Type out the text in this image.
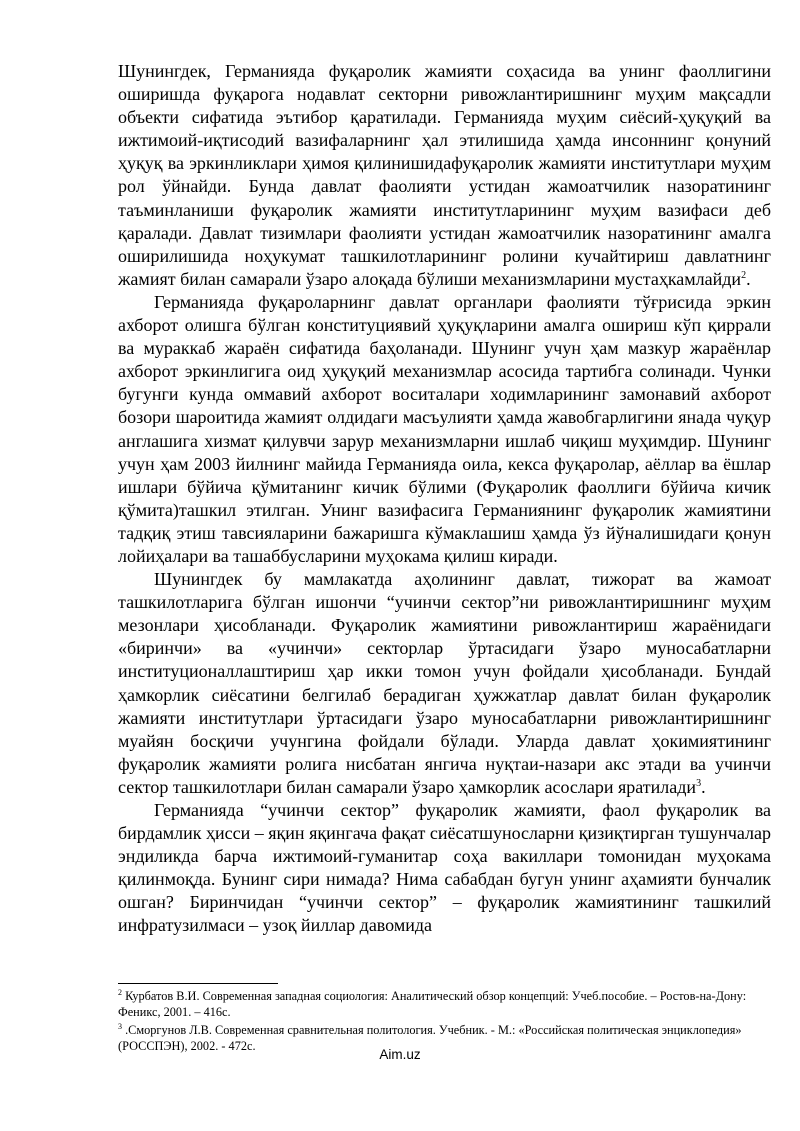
Шунингдек, Германияда фуқаролик жамияти соҳасида ва унинг фаоллигини оширишда фуқарога нодавлат секторни ривожлантиришнинг муҳим мақсадли объекти сифатида эътибор қаратилади. Германияда муҳим сиёсий-ҳуқуқий ва ижтимоий-иқтисодий вазифаларнинг ҳал этилишида ҳамда инсоннинг қонуний ҳуқуқ ва эркинликлари ҳимоя қилинишидафуқаролик жамияти институтлари муҳим рол ўйнайди. Бунда давлат фаолияти устидан жамоатчилик назоратининг таъминланиши фуқаролик жамияти институтларининг муҳим вазифаси деб қаралади. Давлат тизимлари фаолияти устидан жамоатчилик назоратининг амалга оширилишида ноҳукумат ташкилотларининг ролини кучайтириш давлатнинг жамият билан самарали ўзаро алоқада бўлиши механизмларини мустаҳкамлайди$^2$.

Германияда фуқароларнинг давлат органлари фаолияти тўғрисида эркин ахборот олишга бўлган конституциявий ҳуқуқларини амалга ошириш кўп қиррали ва мураккаб жараён сифатида баҳоланади. Шунинг учун ҳам мазкур жараёнлар ахборот эркинлигига оид ҳуқуқий механизмлар асосида тартибга солинади. Чунки бугунги кунда оммавий ахборот воситалари ходимларининг замонавий ахборот бозори шароитида жамият олдидаги масъулияти ҳамда жавобгарлигини янада чуқур англашига хизмат қилувчи зарур механизмларни ишлаб чиқиш муҳимдир. Шунинг учун ҳам 2003 йилнинг майида Германияда оила, кекса фуқаролар, аёллар ва ёшлар ишлари бўйича қўмитанинг кичик бўлими (Фуқаролик фаоллиги бўйича кичик қўмита)ташкил этилган. Унинг вазифасига Германиянинг фуқаролик жамиятини тадқиқ этиш тавсияларини бажаришга кўмаклашиш ҳамда ўз йўналишидаги қонун лойиҳалари ва ташаббусларини муҳокама қилиш киради.

Шунингдек бу мамлакатда аҳолининг давлат, тижорат ва жамоат ташкилотларига бўлган ишончи “учинчи сектор”ни ривожлантиришнинг муҳим мезонлари ҳисобланади. Фуқаролик жамиятини ривожлантириш жараёнидаги «биринчи» ва «учинчи» секторлар ўртасидаги ўзаро муносабатларни институционаллаштириш ҳар икки томон учун фойдали ҳисобланади. Бундай ҳамкорлик сиёсатини белгилаб берадиган ҳужжатлар давлат билан фуқаролик жамияти институтлари ўртасидаги ўзаро муносабатларни ривожлантиришнинг муайян босқичи учунгина фойдали бўлади. Уларда давлат ҳокимиятининг фуқаролик жамияти ролига нисбатан янгича нуқтаи-назари акс этади ва учинчи сектор ташкилотлари билан самарали ўзаро ҳамкорлик асослари яратилади$^3$.

Германияда “учинчи сектор” фуқаролик жамияти, фаол фуқаролик ва бирдамлик ҳисси – яқин яқингача фақат сиёсатшуносларни қизиқтирган тушунчалар эндиликда барча ижтимоий-гуманитар соҳа вакиллари томонидан муҳокама қилинмоқда. Бунинг сири нимада? Нима сабабдан бугун унинг аҳамияти бунчалик ошган? Биринчидан “учинчи сектор” – фуқаролик жамиятининг ташкилий инфратузилмаси – узоқ йиллар давомида

$^2$ Курбатов В.И. Современная западная социология: Аналитический обзор концепций: Учеб.пособие. – Ростов-на-Дону: Феникс, 2001. – 416с.

$^3$ .Сморгунов Л.В. Современная сравнительная политология. Учебник. - М.: «Российская политическая энциклопедия» (РОССПЭН), 2002. - 472с.

Aim.uz
